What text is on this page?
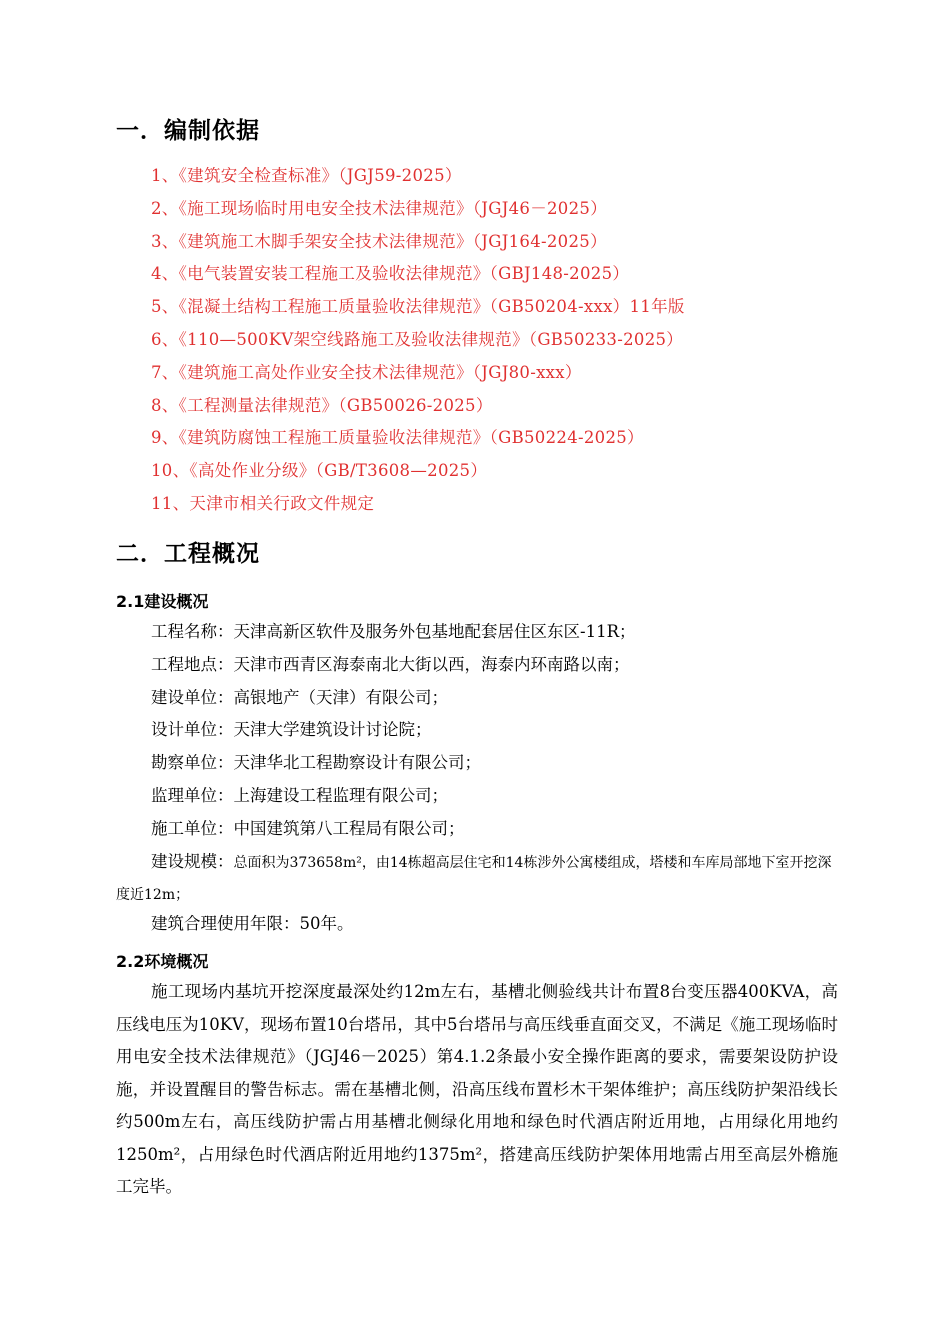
一．编制依据
1、《建筑安全检查标准》（JGJ59-2025）
2、《施工现场临时用电安全技术法律规范》（JGJ46－2025）
3、《建筑施工木脚手架安全技术法律规范》（JGJ164-2025）
4、《电气装置安装工程施工及验收法律规范》（GBJ148-2025）
5、《混凝土结构工程施工质量验收法律规范》（GB50204-xxx）11年版
6、《110—500KV架空线路施工及验收法律规范》（GB50233-2025）
7、《建筑施工高处作业安全技术法律规范》（JGJ80-xxx）
8、《工程测量法律规范》（GB50026-2025）
9、《建筑防腐蚀工程施工质量验收法律规范》（GB50224-2025）
10、《高处作业分级》（GB/T3608—2025）
11、天津市相关行政文件规定
二．工程概况
2.1建设概况
工程名称：天津高新区软件及服务外包基地配套居住区东区-11R；
工程地点：天津市西青区海泰南北大街以西，海泰内环南路以南；
建设单位：高银地产（天津）有限公司；
设计单位：天津大学建筑设计讨论院；
勘察单位：天津华北工程勘察设计有限公司；
监理单位：上海建设工程监理有限公司；
施工单位：中国建筑第八工程局有限公司；
建设规模：总面积为373658m²，由14栋超高层住宅和14栋涉外公寓楼组成，塔楼和车库局部地下室开挖深度近12m；
建筑合理使用年限：50年。
2.2环境概况

施工现场内基坑开挖深度最深处约12m左右，基槽北侧验线共计布置8台变压器400KVA，高压线电压为10KV，现场布置10台塔吊，其中5台塔吊与高压线垂直面交叉，不满足《施工现场临时用电安全技术法律规范》（JGJ46－2025）第4.1.2条最小安全操作距离的要求，需要架设防护设施，并设置醒目的警告标志。需在基槽北侧，沿高压线布置杉木干架体维护；高压线防护架沿线长约500m左右，高压线防护需占用基槽北侧绿化用地和绿色时代酒店附近用地，占用绿化用地约1250m²，占用绿色时代酒店附近用地约1375m²，搭建高压线防护架体用地需占用至高层外檐施工完毕。
